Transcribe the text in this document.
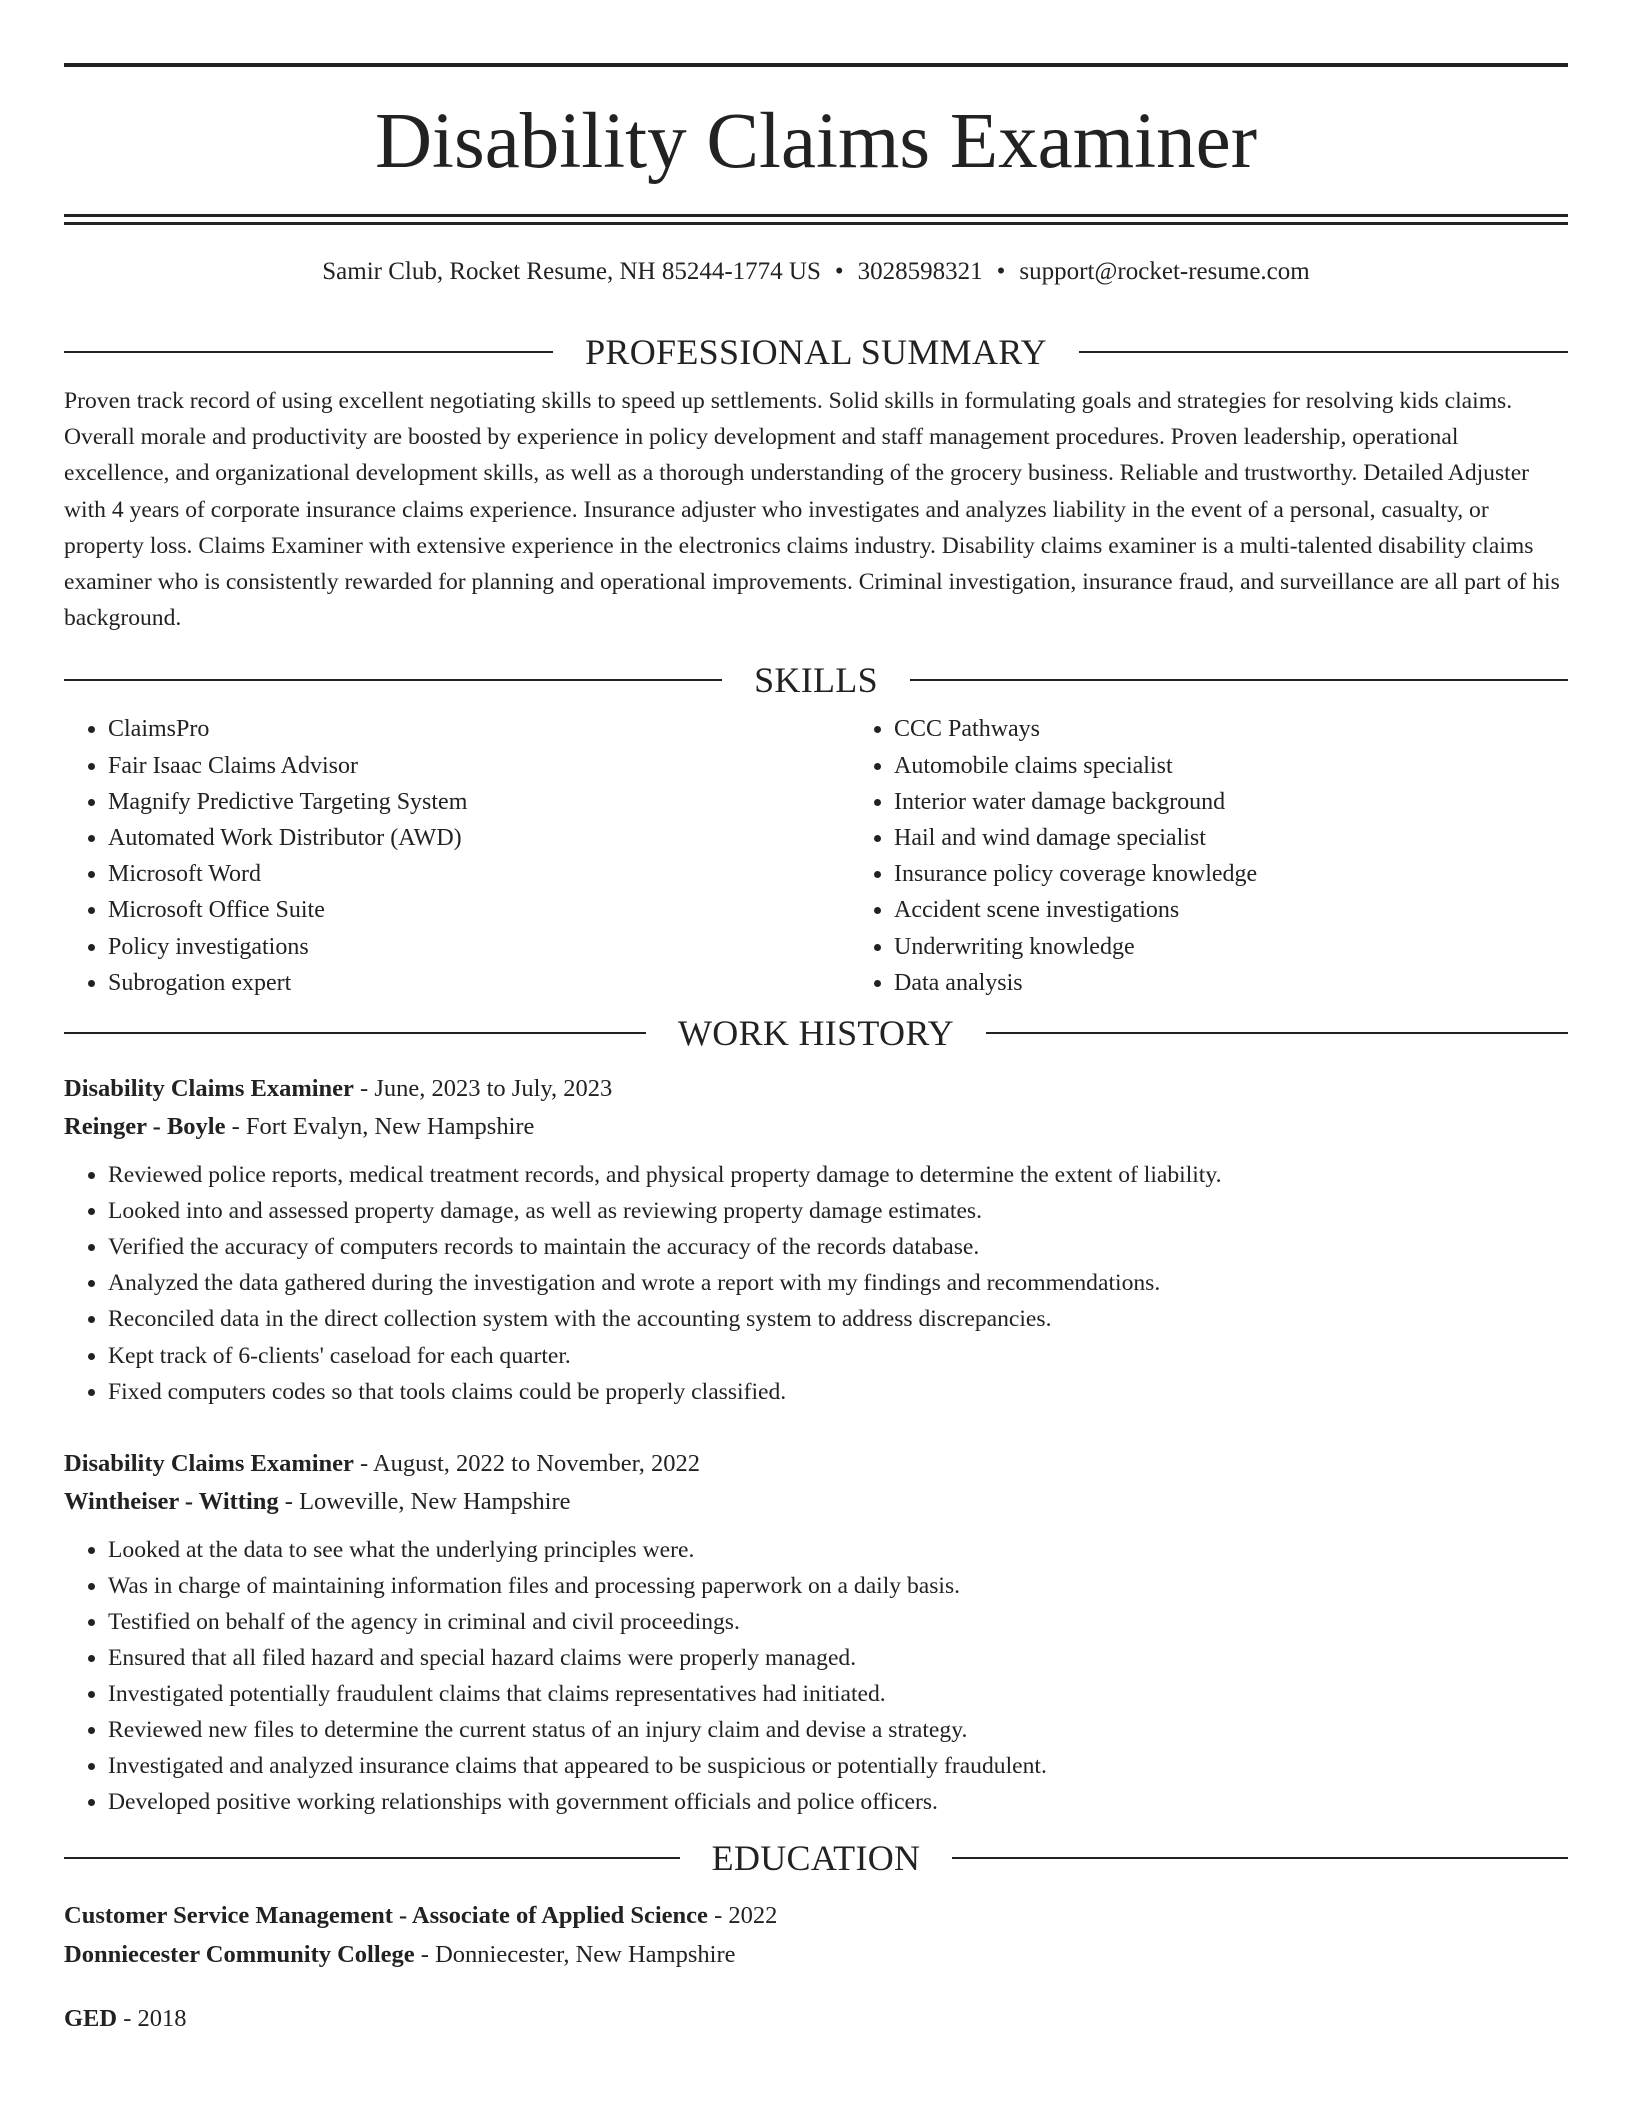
Disability Claims Examiner
Samir Club, Rocket Resume, NH 85244-1774 US • 3028598321 • support@rocket-resume.com
PROFESSIONAL SUMMARY
Proven track record of using excellent negotiating skills to speed up settlements. Solid skills in formulating goals and strategies for resolving kids claims. Overall morale and productivity are boosted by experience in policy development and staff management procedures. Proven leadership, operational excellence, and organizational development skills, as well as a thorough understanding of the grocery business. Reliable and trustworthy. Detailed Adjuster with 4 years of corporate insurance claims experience. Insurance adjuster who investigates and analyzes liability in the event of a personal, casualty, or property loss. Claims Examiner with extensive experience in the electronics claims industry. Disability claims examiner is a multi-talented disability claims examiner who is consistently rewarded for planning and operational improvements. Criminal investigation, insurance fraud, and surveillance are all part of his background.
SKILLS
• ClaimsPro
• Fair Isaac Claims Advisor
• Magnify Predictive Targeting System
• Automated Work Distributor (AWD)
• Microsoft Word
• Microsoft Office Suite
• Policy investigations
• Subrogation expert
• CCC Pathways
• Automobile claims specialist
• Interior water damage background
• Hail and wind damage specialist
• Insurance policy coverage knowledge
• Accident scene investigations
• Underwriting knowledge
• Data analysis
WORK HISTORY
Disability Claims Examiner - June, 2023 to July, 2023
Reinger - Boyle - Fort Evalyn, New Hampshire
• Reviewed police reports, medical treatment records, and physical property damage to determine the extent of liability.
• Looked into and assessed property damage, as well as reviewing property damage estimates.
• Verified the accuracy of computers records to maintain the accuracy of the records database.
• Analyzed the data gathered during the investigation and wrote a report with my findings and recommendations.
• Reconciled data in the direct collection system with the accounting system to address discrepancies.
• Kept track of 6-clients' caseload for each quarter.
• Fixed computers codes so that tools claims could be properly classified.
Disability Claims Examiner - August, 2022 to November, 2022
Wintheiser - Witting - Loweville, New Hampshire
• Looked at the data to see what the underlying principles were.
• Was in charge of maintaining information files and processing paperwork on a daily basis.
• Testified on behalf of the agency in criminal and civil proceedings.
• Ensured that all filed hazard and special hazard claims were properly managed.
• Investigated potentially fraudulent claims that claims representatives had initiated.
• Reviewed new files to determine the current status of an injury claim and devise a strategy.
• Investigated and analyzed insurance claims that appeared to be suspicious or potentially fraudulent.
• Developed positive working relationships with government officials and police officers.
EDUCATION
Customer Service Management - Associate of Applied Science - 2022
Donniecester Community College - Donniecester, New Hampshire
GED - 2018
